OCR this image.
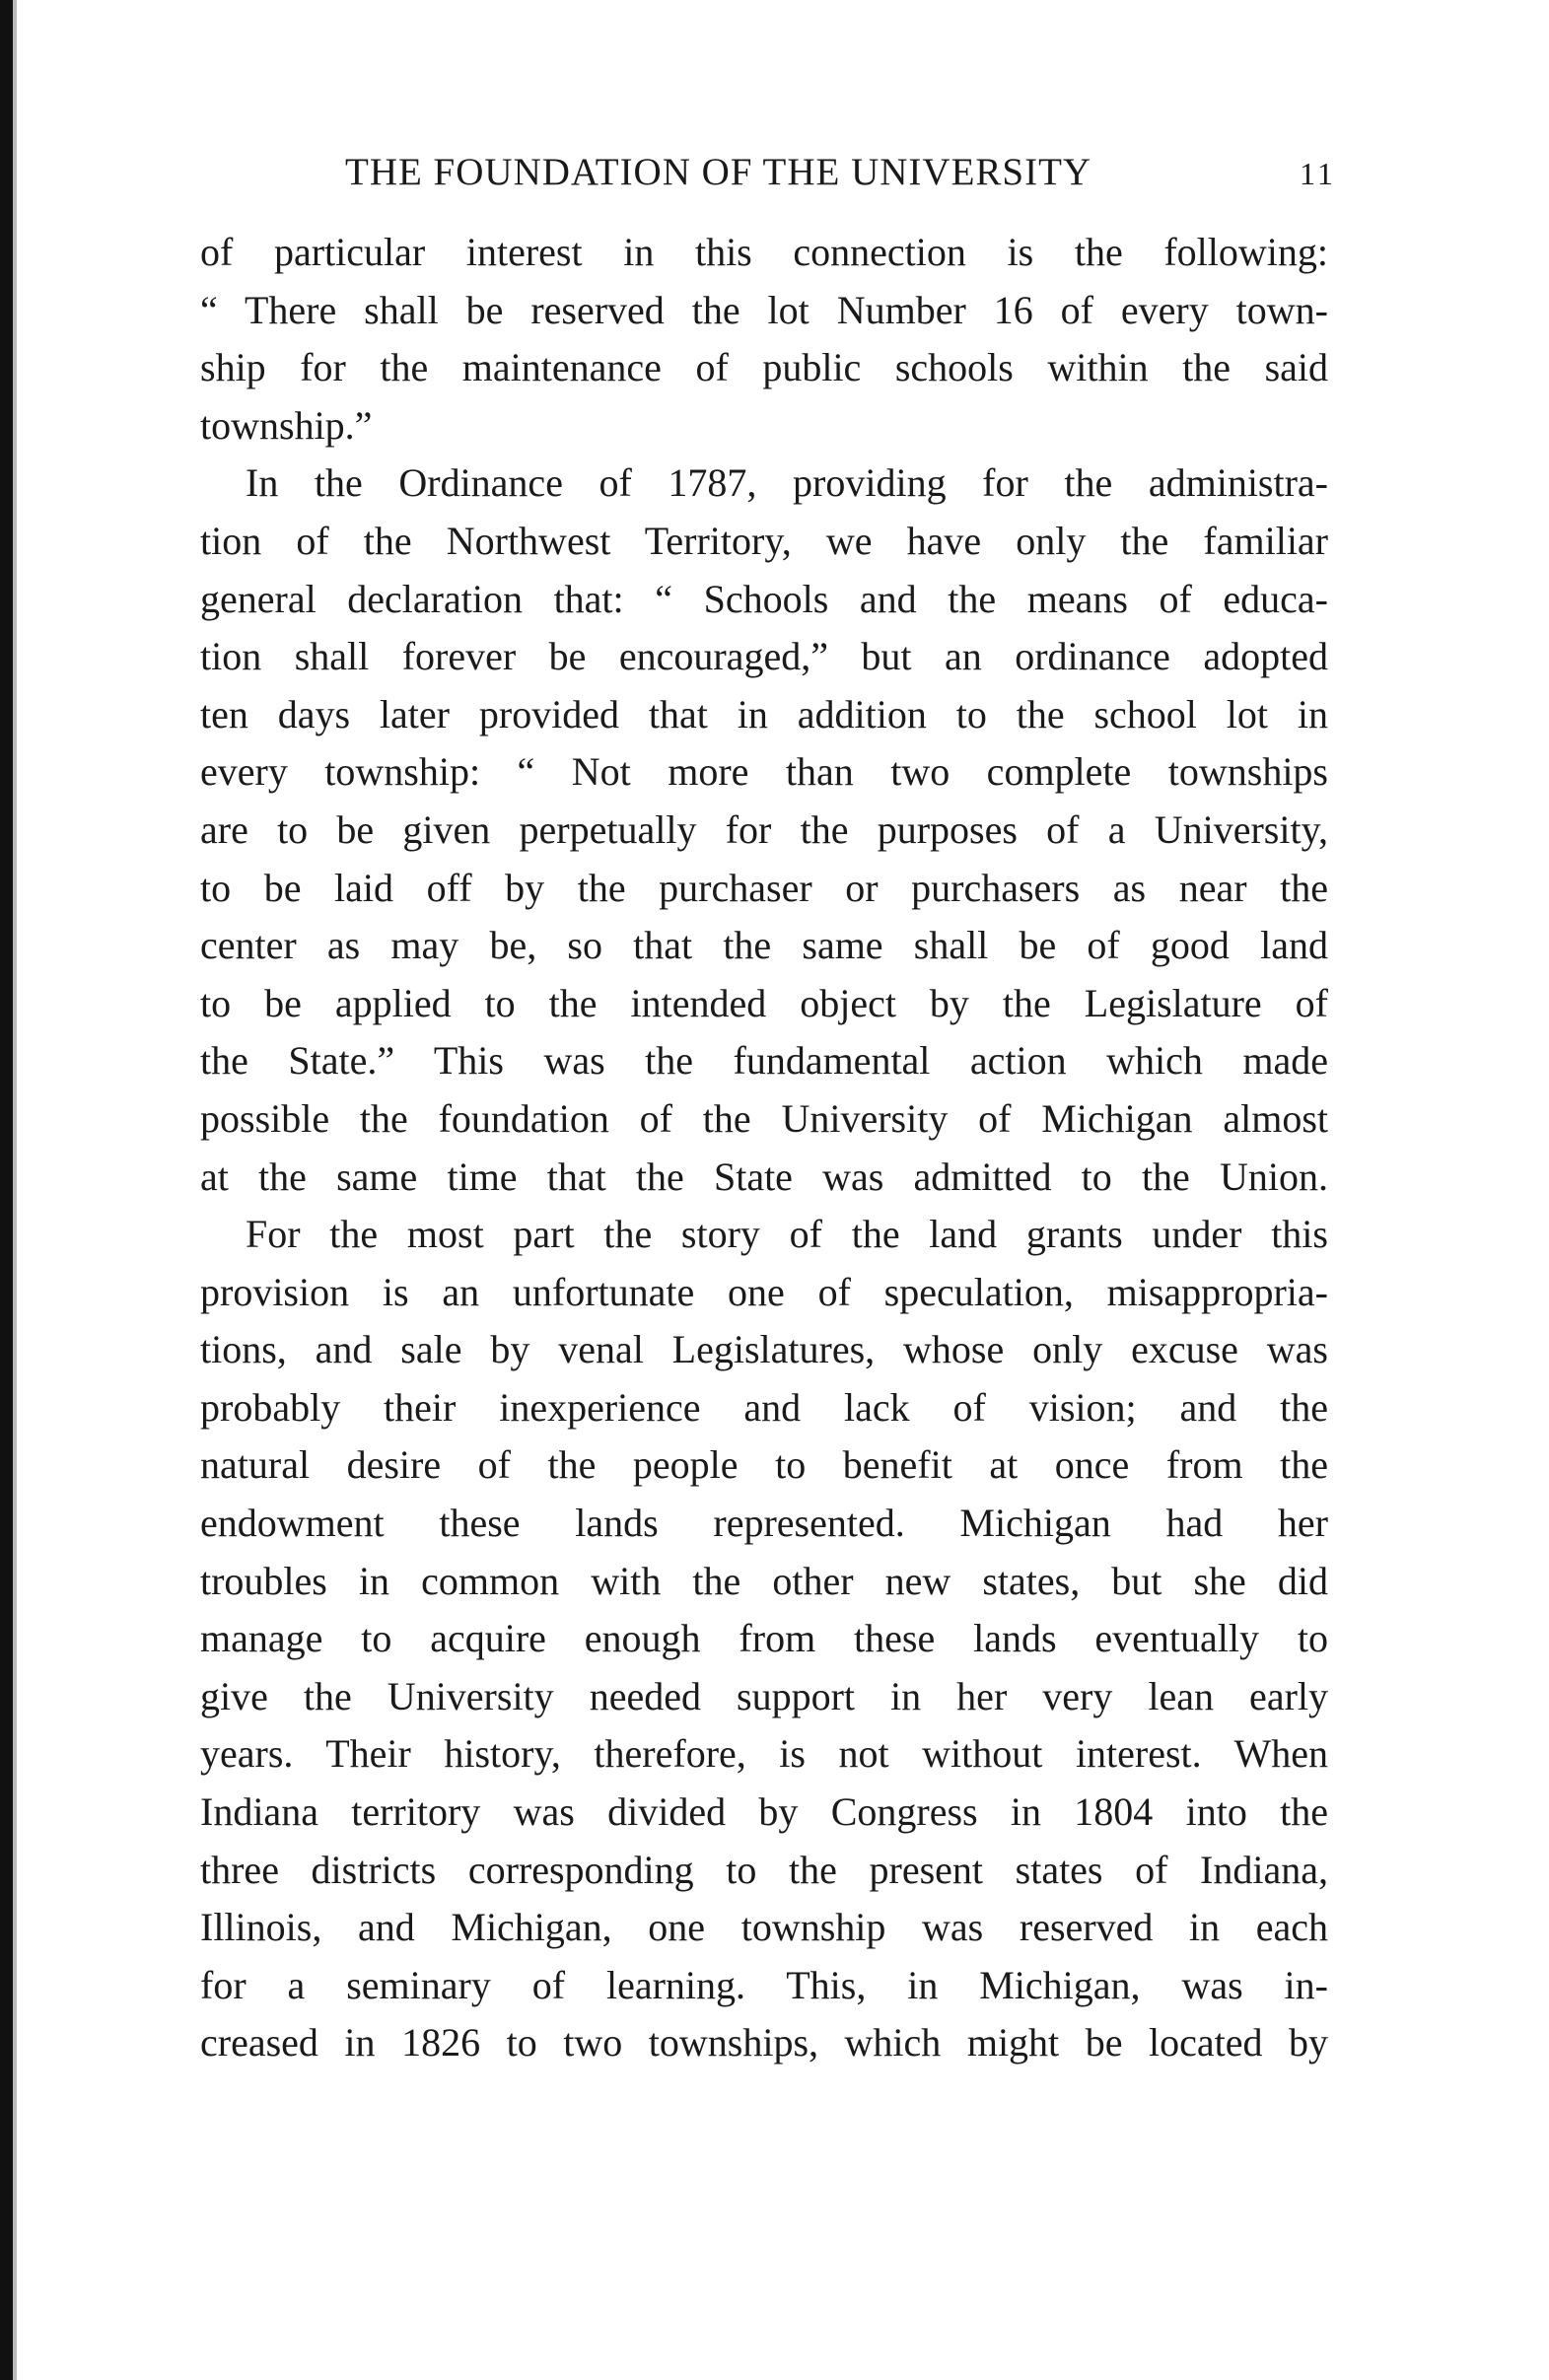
THE FOUNDATION OF THE UNIVERSITY	11
of particular interest in this connection is the following:
“ There shall be reserved the lot Number 16 of every town-
ship for the maintenance of public schools within the said
township.”
In the Ordinance of 1787, providing for the administra-
tion of the Northwest Territory, we have only the familiar
general declaration that: “ Schools and the means of educa-
tion shall forever be encouraged,” but an ordinance adopted
ten days later provided that in addition to the school lot in
every township: “ Not more than two complete townships
are to be given perpetually for the purposes of a University,
to be laid off by the purchaser or purchasers as near the
center as may be, so that the same shall be of good land
to be applied to the intended object by the Legislature of
the State.” This was the fundamental action which made
possible the foundation of the University of Michigan almost
at the same time that the State was admitted to the Union.
For the most part the story of the land grants under this
provision is an unfortunate one of speculation, misappropria-
tions, and sale by venal Legislatures, whose only excuse was
probably their inexperience and lack of vision; and the
natural desire of the people to benefit at once from the
endowment these lands represented. Michigan had her
troubles in common with the other new states, but she did
manage to acquire enough from these lands eventually to
give the University needed support in her very lean early
years. Their history, therefore, is not without interest. When
Indiana territory was divided by Congress in 1804 into the
three districts corresponding to the present states of Indiana,
Illinois, and Michigan, one township was reserved in each
for a seminary of learning. This, in Michigan, was in-
creased in 1826 to two townships, which might be located by
